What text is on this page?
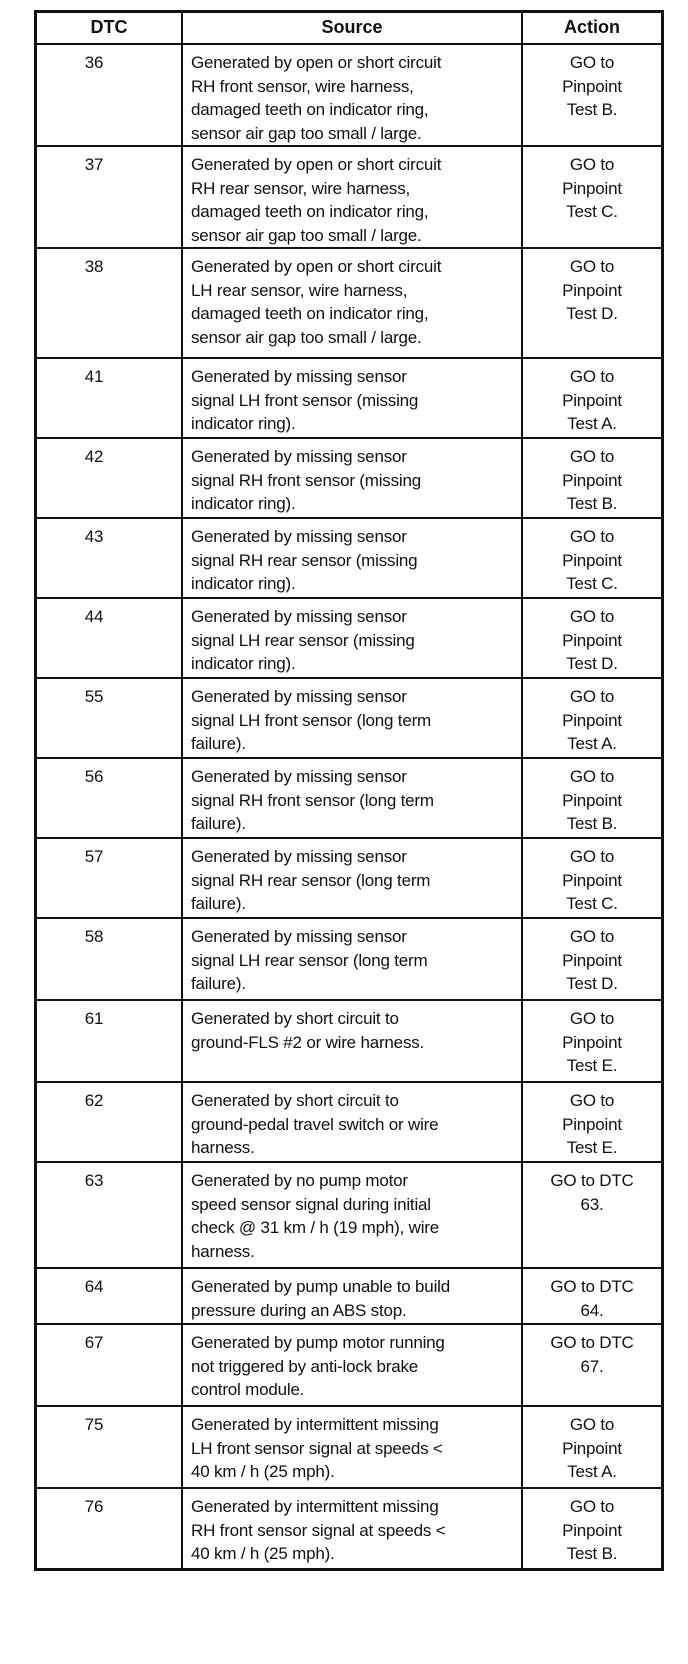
DTC	Source	Action
36	Generated by open or short circuit
RH front sensor, wire harness,
damaged teeth on indicator ring,
sensor air gap too small / large.	GO to
Pinpoint
Test B.
37	Generated by open or short circuit
RH rear sensor, wire harness,
damaged teeth on indicator ring,
sensor air gap too small / large.	GO to
Pinpoint
Test C.
38	Generated by open or short circuit
LH rear sensor, wire harness,
damaged teeth on indicator ring,
sensor air gap too small / large.	GO to
Pinpoint
Test D.
41	Generated by missing sensor
signal LH front sensor (missing
indicator ring).	GO to
Pinpoint
Test A.
42	Generated by missing sensor
signal RH front sensor (missing
indicator ring).	GO to
Pinpoint
Test B.
43	Generated by missing sensor
signal RH rear sensor (missing
indicator ring).	GO to
Pinpoint
Test C.
44	Generated by missing sensor
signal LH rear sensor (missing
indicator ring).	GO to
Pinpoint
Test D.
55	Generated by missing sensor
signal LH front sensor (long term
failure).	GO to
Pinpoint
Test A.
56	Generated by missing sensor
signal RH front sensor (long term
failure).	GO to
Pinpoint
Test B.
57	Generated by missing sensor
signal RH rear sensor (long term
failure).	GO to
Pinpoint
Test C.
58	Generated by missing sensor
signal LH rear sensor (long term
failure).	GO to
Pinpoint
Test D.
61	Generated by short circuit to
ground-FLS #2 or wire harness.	GO to
Pinpoint
Test E.
62	Generated by short circuit to
ground-pedal travel switch or wire
harness.	GO to
Pinpoint
Test E.
63	Generated by no pump motor
speed sensor signal during initial
check @ 31 km / h (19 mph), wire
harness.	GO to DTC
63.
64	Generated by pump unable to build
pressure during an ABS stop.	GO to DTC
64.
67	Generated by pump motor running
not triggered by anti-lock brake
control module.	GO to DTC
67.
75	Generated by intermittent missing
LH front sensor signal at speeds <
40 km / h (25 mph).	GO to
Pinpoint
Test A.
76	Generated by intermittent missing
RH front sensor signal at speeds <
40 km / h (25 mph).	GO to
Pinpoint
Test B.
